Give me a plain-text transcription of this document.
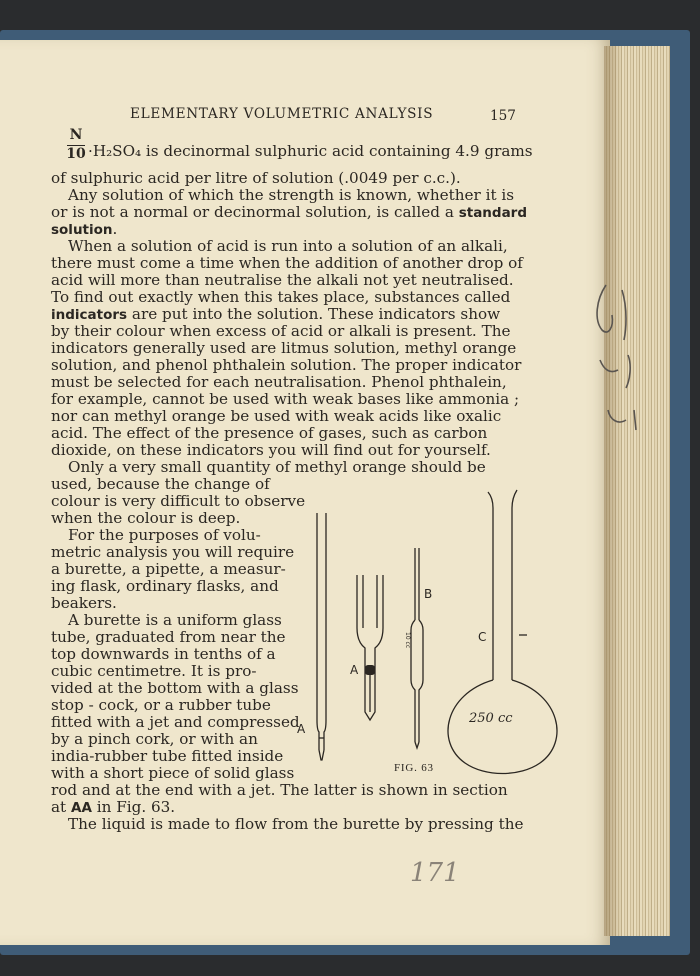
ELEMENTARY VOLUMETRIC ANALYSIS	157
N
10 ·H₂SO₄ is decinormal sulphuric acid containing 4.9 grams
of sulphuric acid per litre of solution (.0049 per c.c.).
Any solution of which the strength is known, whether it is
or is not a normal or decinormal solution, is called a standard
solution.
When a solution of acid is run into a solution of an alkali,
there must come a time when the addition of another drop of
acid will more than neutralise the alkali not yet neutralised.
To find out exactly when this takes place, substances called
indicators are put into the solution. These indicators show
by their colour when excess of acid or alkali is present. The
indicators generally used are litmus solution, methyl orange
solution, and phenol phthalein solution. The proper indicator
must be selected for each neutralisation. Phenol phthalein,
for example, cannot be used with weak bases like ammonia ;
nor can methyl orange be used with weak acids like oxalic
acid. The effect of the presence of gases, such as carbon
dioxide, on these indicators you will find out for yourself.
Only a very small quantity of methyl orange should be
used, because the change of
colour is very difficult to observe
when the colour is deep.
For the purposes of volu-
metric analysis you will require
a burette, a pipette, a measur-
ing flask, ordinary flasks, and
beakers.
A burette is a uniform glass
tube, graduated from near the
top downwards in tenths of a
cubic centimetre. It is pro-
vided at the bottom with a glass
stop - cock, or a rubber tube
fitted with a jet and compressed
by a pinch cork, or with an
india-rubber tube fitted inside
with a short piece of solid glass
rod and at the end with a jet. The latter is shown in section
at AA in Fig. 63.
The liquid is made to flow from the burette by pressing the
A
A
B
C
250 cc
10 cc
FIG. 63
171
